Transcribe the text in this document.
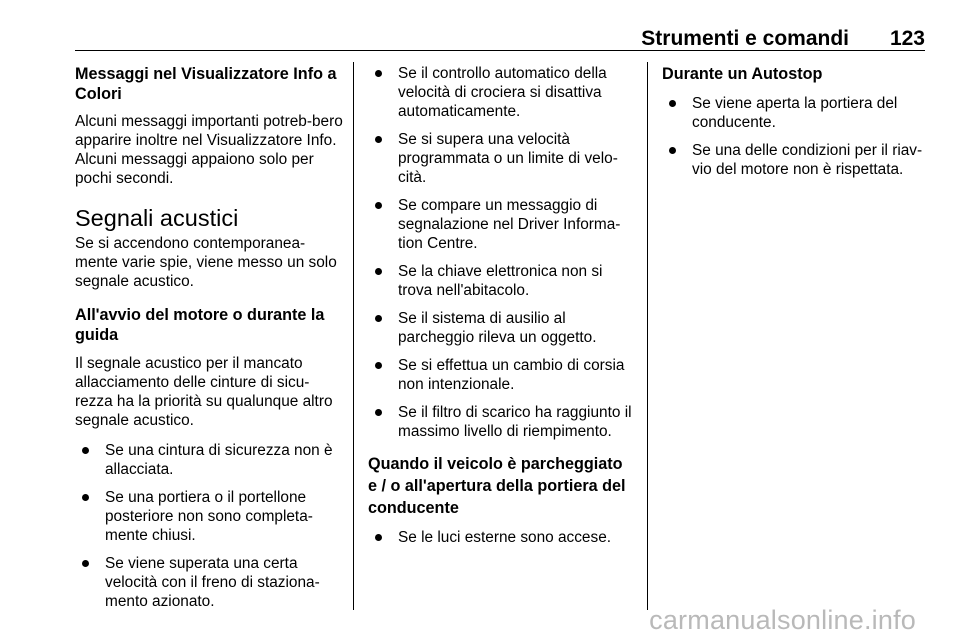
Strumenti e comandi 123
Messaggi nel Visualizzatore Info a Colori
Alcuni messaggi importanti potreb-bero apparire inoltre nel Visualizzatore Info. Alcuni messaggi appaiono solo per pochi secondi.
Segnali acustici
Se si accendono contemporanea-mente varie spie, viene messo un solo segnale acustico.
All'avvio del motore o durante la guida
Il segnale acustico per il mancato allacciamento delle cinture di sicu-rezza ha la priorità su qualunque altro segnale acustico.
Se una cintura di sicurezza non è allacciata.
Se una portiera o il portellone posteriore non sono completa-mente chiusi.
Se viene superata una certa velocità con il freno di staziona-mento azionato.
Se il controllo automatico della velocità di crociera si disattiva automaticamente.
Se si supera una velocità programmata o un limite di velo-cità.
Se compare un messaggio di segnalazione nel Driver Informa-tion Centre.
Se la chiave elettronica non si trova nell'abitacolo.
Se il sistema di ausilio al parcheggio rileva un oggetto.
Se si effettua un cambio di corsia non intenzionale.
Se il filtro di scarico ha raggiunto il massimo livello di riempimento.
Quando il veicolo è parcheggiato e / o all'apertura della portiera del conducente
Se le luci esterne sono accese.
Durante un Autostop
Se viene aperta la portiera del conducente.
Se una delle condizioni per il riav-vio del motore non è rispettata.
carmanualsonline.info
